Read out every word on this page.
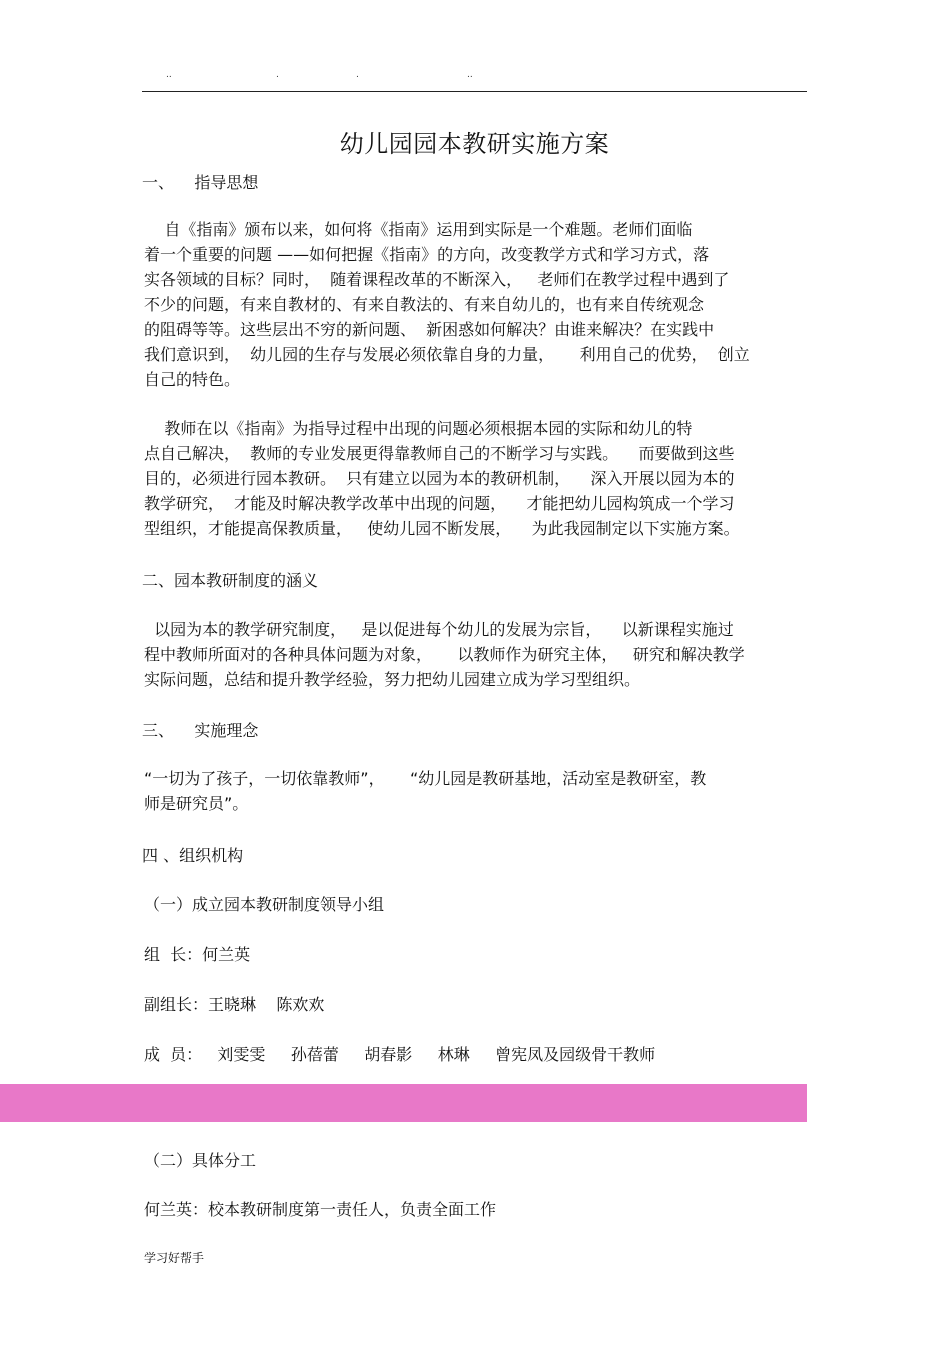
..	.	.	..
幼儿园园本教研实施方案
一、    指导思想
自《指南》颁布以来，如何将《指南》运用到实际是一个难题。老师们面临
着一个重要的问题 ——如何把握《指南》的方向，改变教学方式和学习方式，落
实各领域的目标？同时，  随着课程改革的不断深入，   老师们在教学过程中遇到了
不少的问题，有来自教材的、有来自教法的、有来自幼儿的，也有来自传统观念
的阻碍等等。这些层出不穷的新问题、  新困惑如何解决？由谁来解决？在实践中
我们意识到，  幼儿园的生存与发展必须依靠自身的力量，     利用自己的优势，  创立
自己的特色。
教师在以《指南》为指导过程中出现的问题必须根据本园的实际和幼儿的特
点自己解决，  教师的专业发展更得靠教师自己的不断学习与实践。    而要做到这些
目的，必须进行园本教研。  只有建立以园为本的教研机制，    深入开展以园为本的
教学研究，  才能及时解决教学改革中出现的问题，    才能把幼儿园构筑成一个学习
型组织，才能提高保教质量，   使幼儿园不断发展，    为此我园制定以下实施方案。
二、园本教研制度的涵义
以园为本的教学研究制度，   是以促进每个幼儿的发展为宗旨，    以新课程实施过
程中教师所面对的各种具体问题为对象，     以教师作为研究主体，   研究和解决教学
实际问题，总结和提升教学经验，努力把幼儿园建立成为学习型组织。
三、    实施理念
“一切为了孩子，一切依靠教师”，     “幼儿园是教研基地，活动室是教研室，教
师是研究员”。
四 、组织机构
（一）成立园本教研制度领导小组
组  长：何兰英
副组长：王晓琳    陈欢欢
成  员：   刘雯雯     孙蓓蕾     胡春影     林琳     曾宪凤及园级骨干教师
（二）具体分工
何兰英：校本教研制度第一责任人，负责全面工作
学习好帮手
